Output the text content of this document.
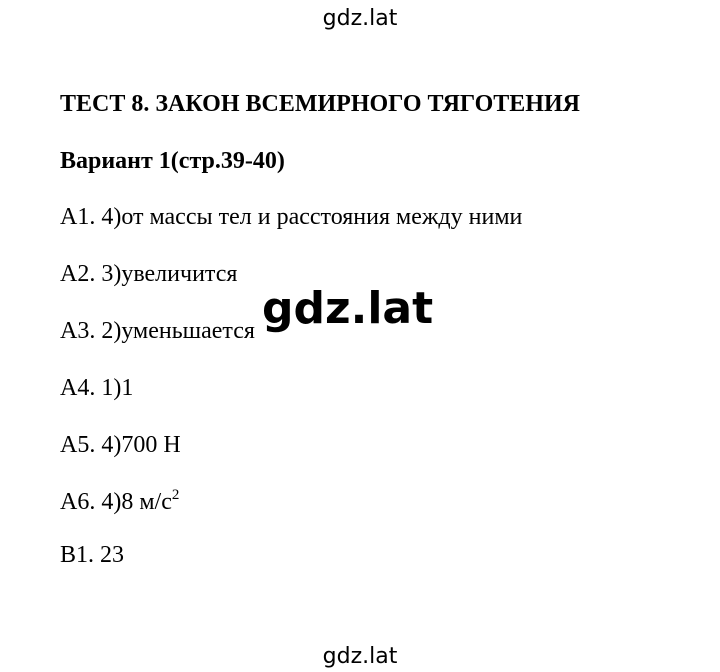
gdz.lat
ТЕСТ 8. ЗАКОН ВСЕМИРНОГО ТЯГОТЕНИЯ
Вариант 1(стр.39-40)
A1. 4)от массы тел и расстояния между ними
A2. 3)увеличится
A3. 2)уменьшается
A4. 1)1
A5. 4)700 Н
A6. 4)8 $м/с^2$
B1. 23
gdz.lat
gdz.lat
